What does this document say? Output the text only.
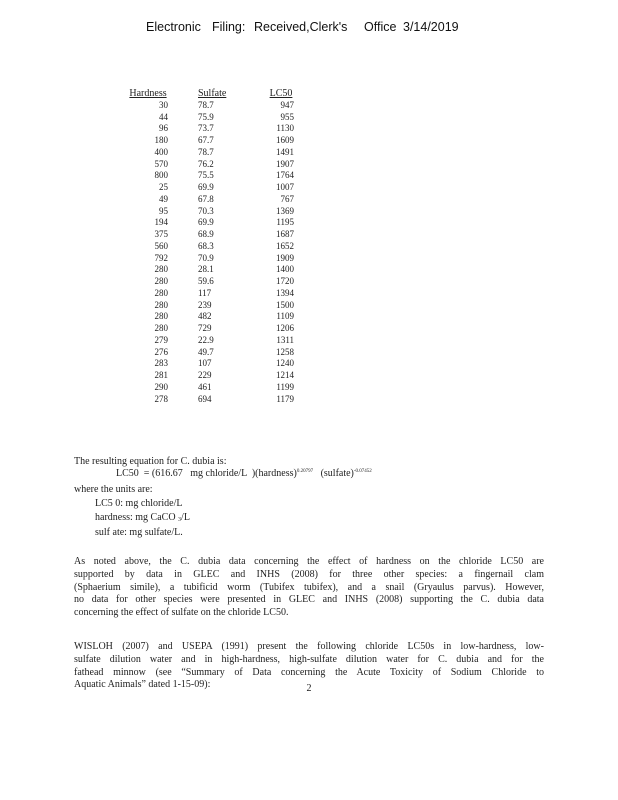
Electronic Filing: Received,Clerk's Office 3/14/2019
Hardness
30
44
96
180
400
570
800
25
49
95
194
375
560
792
280
280
280
280
280
280
279
276
283
281
290
278
Sulfate
78.7
75.9
73.7
67.7
78.7
76.2
75.5
69.9
67.8
70.3
69.9
68.9
68.3
70.9
28.1
59.6
117
239
482
729
22.9
49.7
107
229
461
694
LC50
947
955
1130
1609
1491
1907
1764
1007
767
1369
1195
1687
1652
1909
1400
1720
1394
1500
1109
1206
1311
1258
1240
1214
1199
1179
The resulting equation for C. dubia is:
LC50 = (616.67 mg chloride/L )(hardness)$^{0.20797}$ (sulfate)$^{-0.07452}$
where the units are:
LC5 0: mg chloride/L
hardness: mg CaCO $_3$/L
sulf ate: mg sulfate/L.
As noted above, the C. dubia data concerning the effect of hardness on the chloride LC50 are
supported by data in GLEC and INHS (2008) for three other species: a fingernail clam
(Sphaerium simile), a tubificid worm (Tubifex tubifex), and a snail (Gryaulus parvus). However,
no data for other species were presented in GLEC and INHS (2008) supporting the C. dubia data
concerning the effect of sulfate on the chloride LC50.
WISLOH (2007) and USEPA (1991) present the following chloride LC50s in low-hardness, low-
sulfate dilution water and in high-hardness, high-sulfate dilution water for C. dubia and for the
fathead minnow (see “Summary of Data concerning the Acute Toxicity of Sodium Chloride to
Aquatic Animals” dated 1-15-09):	2
